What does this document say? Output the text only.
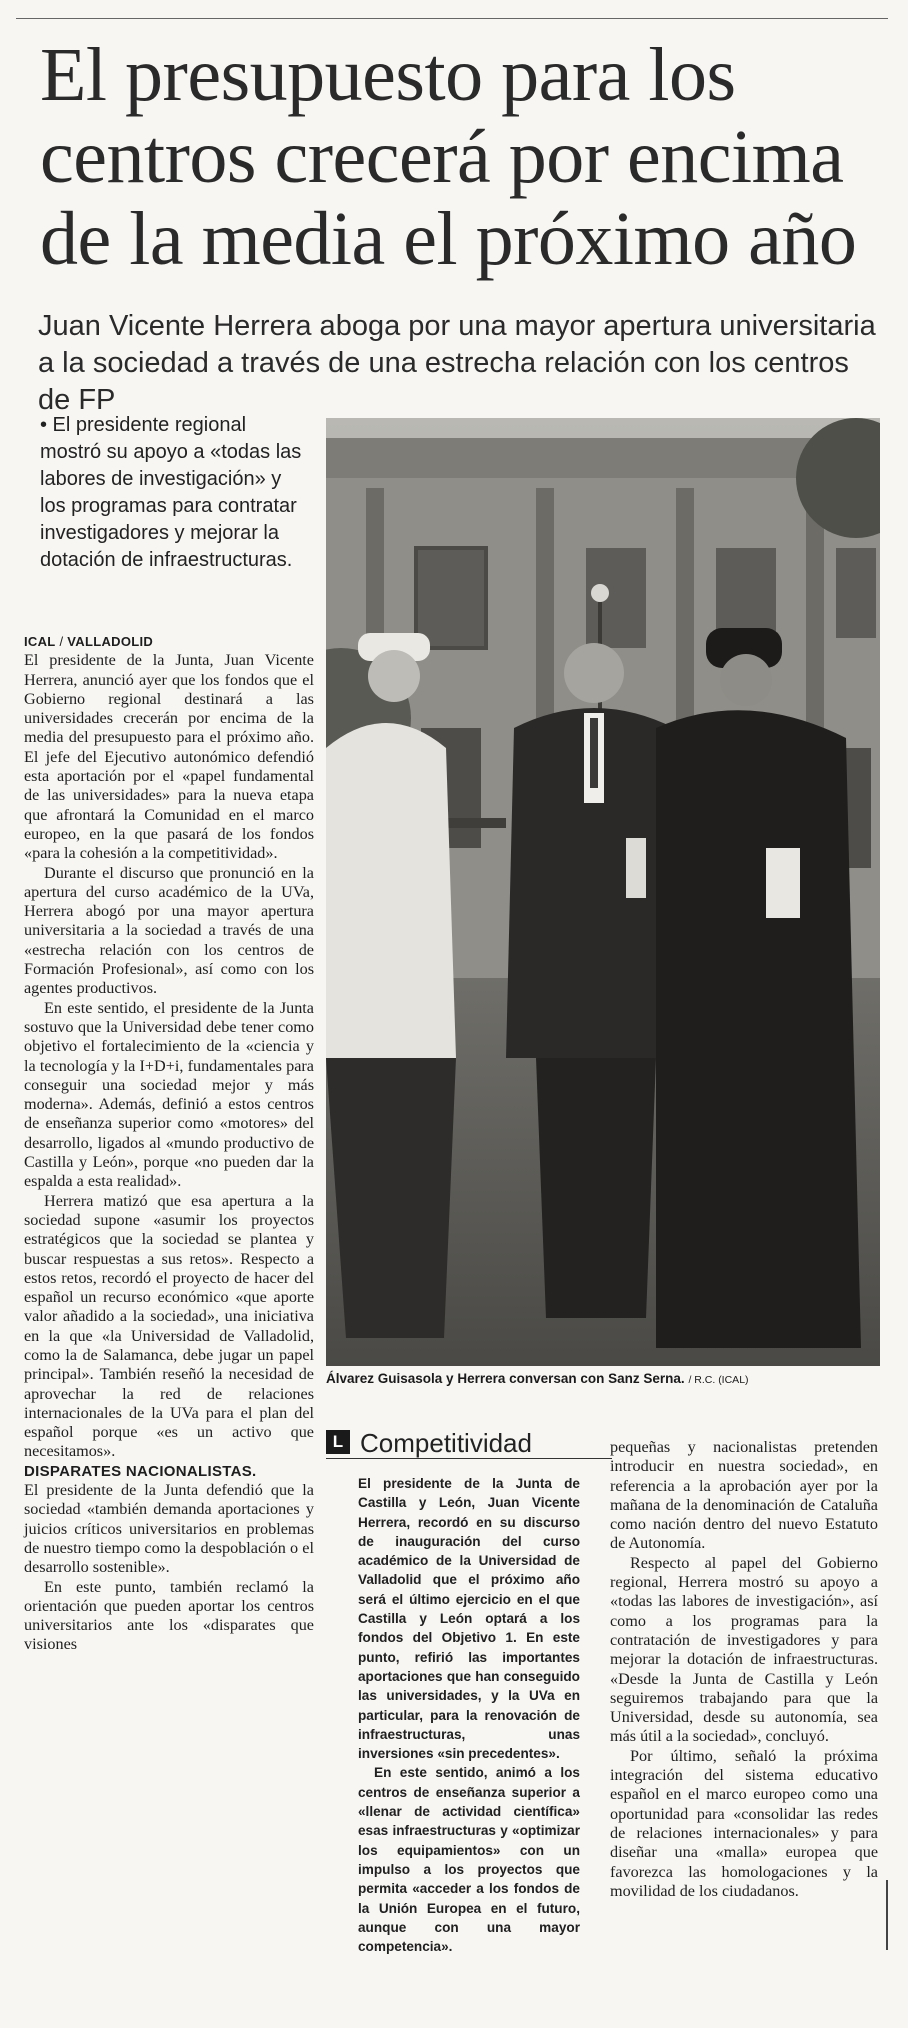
El presupuesto para los centros crecerá por encima de la media el próximo año

Juan Vicente Herrera aboga por una mayor apertura universitaria a la sociedad a través de una estrecha relación con los centros de FP

• El presidente regional mostró su apoyo a «todas las labores de investigación» y los programas para contratar investigadores y mejorar la dotación de infraestructuras.

ICAL / VALLADOLID

El presidente de la Junta, Juan Vicente Herrera, anunció ayer que los fondos que el Gobierno regional destinará a las universidades crecerán por encima de la media del presupuesto para el próximo año. El jefe del Ejecutivo autonómico defendió esta aportación por el «papel fundamental de las universidades» para la nueva etapa que afrontará la Comunidad en el marco europeo, en la que pasará de los fondos «para la cohesión a la competitividad».

Durante el discurso que pronunció en la apertura del curso académico de la UVa, Herrera abogó por una mayor apertura universitaria a la sociedad a través de una «estrecha relación con los centros de Formación Profesional», así como con los agentes productivos.

En este sentido, el presidente de la Junta sostuvo que la Universidad debe tener como objetivo el fortalecimiento de la «ciencia y la tecnología y la I+D+i, fundamentales para conseguir una sociedad mejor y más moderna». Además, definió a estos centros de enseñanza superior como «motores» del desarrollo, ligados al «mundo productivo de Castilla y León», porque «no pueden dar la espalda a esta realidad».

Herrera matizó que esa apertura a la sociedad supone «asumir los proyectos estratégicos que la sociedad se plantea y buscar respuestas a sus retos». Respecto a estos retos, recordó el proyecto de hacer del español un recurso económico «que aporte valor añadido a la sociedad», una iniciativa en la que «la Universidad de Valladolid, como la de Salamanca, debe jugar un papel principal». También reseñó la necesidad de aprovechar la red de relaciones internacionales de la UVa para el plan del español porque «es un activo que necesitamos».

DISPARATES NACIONALISTAS.

El presidente de la Junta defendió que la sociedad «también demanda aportaciones y juicios críticos universitarios en problemas de nuestro tiempo como la despoblación o el desarrollo sostenible».

En este punto, también reclamó la orientación que pueden aportar los centros universitarios ante los «disparates que visiones

Álvarez Guisasola y Herrera conversan con Sanz Serna. / R.C. (ICAL)

L Competitividad

El presidente de la Junta de Castilla y León, Juan Vicente Herrera, recordó en su discurso de inauguración del curso académico de la Universidad de Valladolid que el próximo año será el último ejercicio en el que Castilla y León optará a los fondos del Objetivo 1. En este punto, refirió las importantes aportaciones que han conseguido las universidades, y la UVa en particular, para la renovación de infraestructuras, unas inversiones «sin precedentes».

En este sentido, animó a los centros de enseñanza superior a «llenar de actividad científica» esas infraestructuras y «optimizar los equipamientos» con un impulso a los proyectos que permita «acceder a los fondos de la Unión Europea en el futuro, aunque con una mayor competencia».

pequeñas y nacionalistas pretenden introducir en nuestra sociedad», en referencia a la aprobación ayer por la mañana de la denominación de Cataluña como nación dentro del nuevo Estatuto de Autonomía.

Respecto al papel del Gobierno regional, Herrera mostró su apoyo a «todas las labores de investigación», así como a los programas para la contratación de investigadores y para mejorar la dotación de infraestructuras. «Desde la Junta de Castilla y León seguiremos trabajando para que la Universidad, desde su autonomía, sea más útil a la sociedad», concluyó.

Por último, señaló la próxima integración del sistema educativo español en el marco europeo como una oportunidad para «consolidar las redes de relaciones internacionales» y para diseñar una «malla» europea que favorezca las homologaciones y la movilidad de los ciudadanos.
